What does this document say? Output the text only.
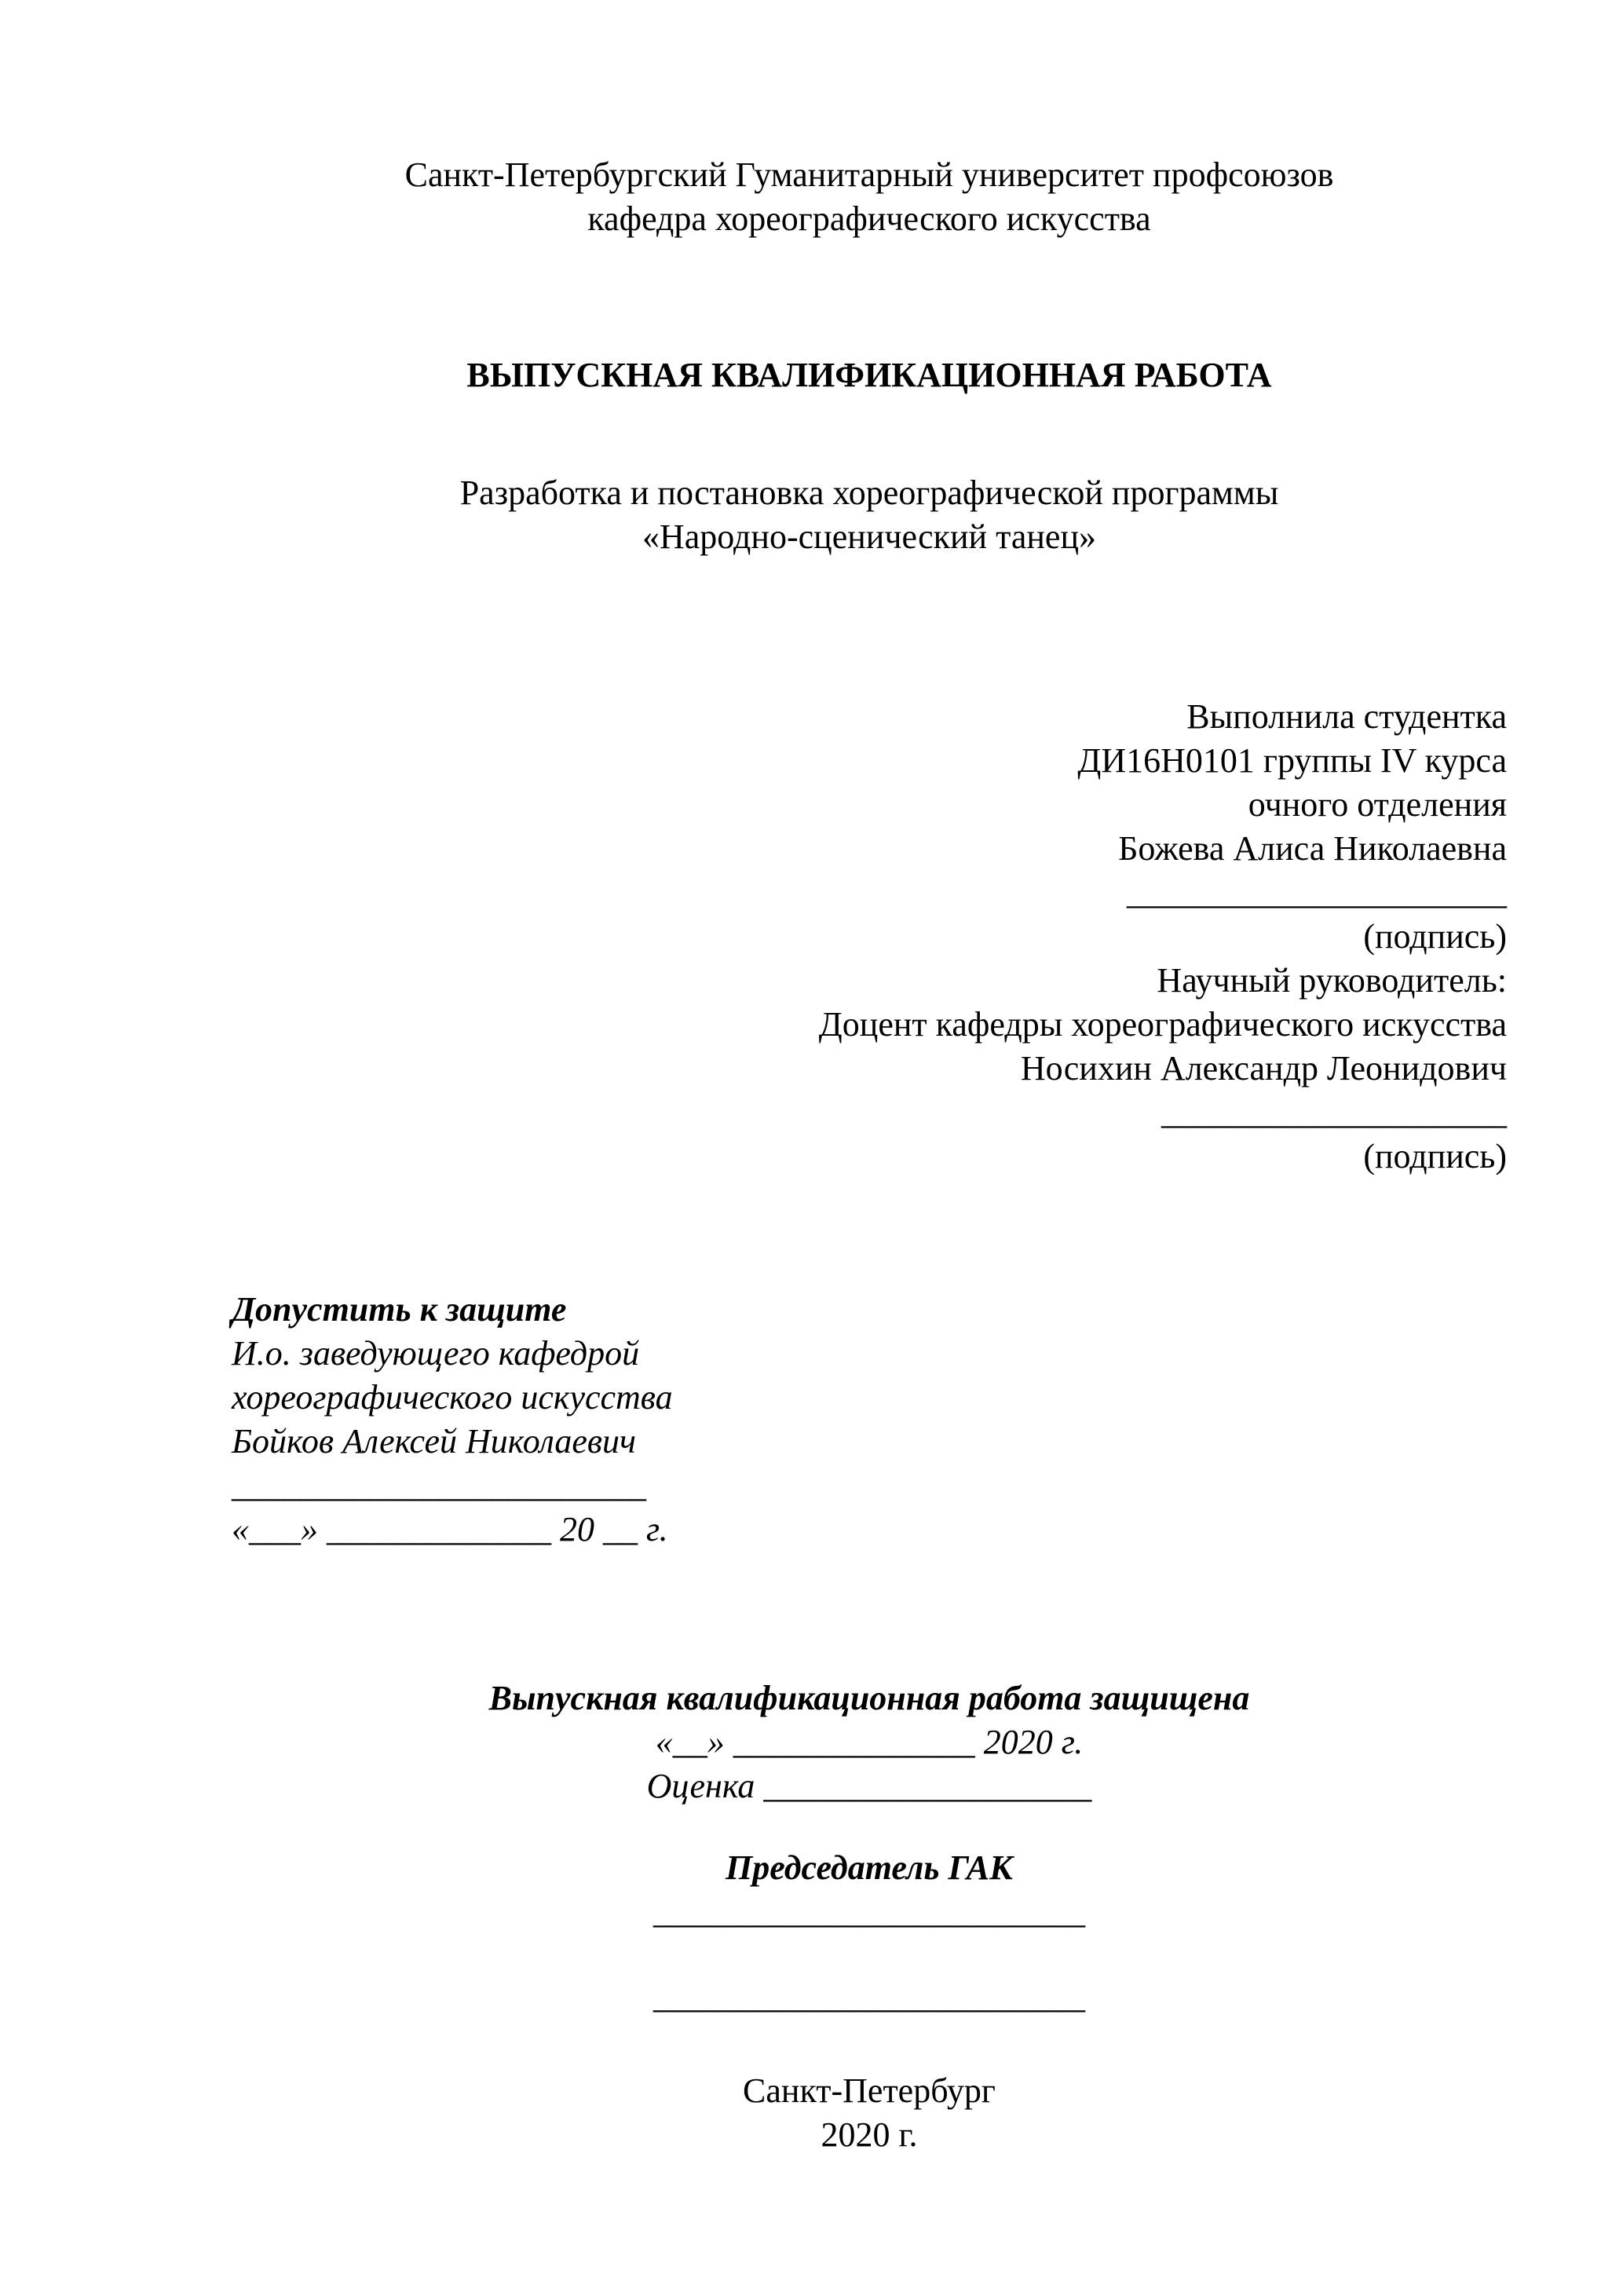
Санкт-Петербургский Гуманитарный университет профсоюзов
кафедра хореографического искусства
ВЫПУСКНАЯ КВАЛИФИКАЦИОННАЯ РАБОТА
Разработка и постановка хореографической программы
«Народно-сценический танец»
Выполнила студентка
ДИ16Н0101 группы IV курса
очного отделения
Божева Алиса Николаевна
______________________
(подпись)
Научный руководитель:
Доцент кафедры хореографического искусства
Носихин Александр Леонидович
____________________
(подпись)
Допустить к защите
И.о. заведующего кафедрой
хореографического искусства
Бойков Алексей Николаевич
________________________
«___» _____________ 20 __ г.
Выпускная квалификационная работа защищена
«__» ______________ 2020 г.
Оценка ___________________
Председатель ГАК
_________________________
_________________________
Санкт-Петербург
2020 г.
